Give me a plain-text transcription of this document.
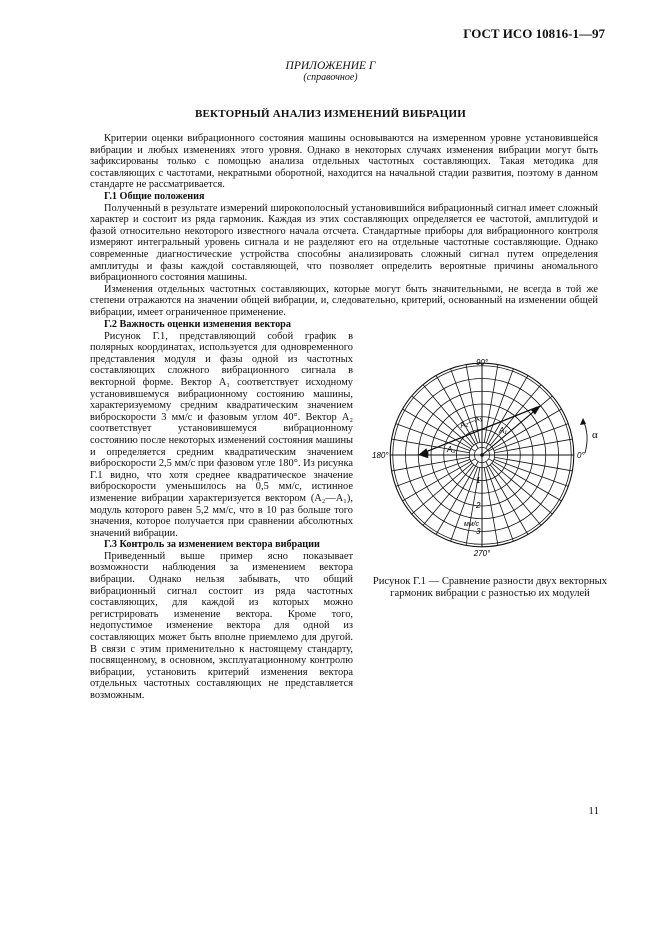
ГОСТ ИСО 10816-1—97
ПРИЛОЖЕНИЕ Г
(справочное)
ВЕКТОРНЫЙ АНАЛИЗ ИЗМЕНЕНИЙ ВИБРАЦИИ

Критерии оценки вибрационного состояния машины основываются на измеренном уровне установившейся вибрации и любых изменениях этого уровня. Однако в некоторых случаях изменения вибрации могут быть зафиксированы только с помощью анализа отдельных частотных составляющих. Такая методика для составляющих с частотами, некратными оборотной, находится на начальной стадии развития, поэтому в данном стандарте не рассматривается.

Г.1 Общие положения

Полученный в результате измерений широкополосный установившийся вибрационный сигнал имеет сложный характер и состоит из ряда гармоник. Каждая из этих составляющих определяется ее частотой, амплитудой и фазой относительно некоторого известного начала отсчета. Стандартные приборы для вибрационного контроля измеряют интегральный уровень сигнала и не разделяют его на отдельные частотные составляющие. Однако современные диагностические устройства способны анализировать сложный сигнал путем определения амплитуды и фазы каждой составляющей, что позволяет определить вероятные причины аномального вибрационного состояния машины.

Изменения отдельных частотных составляющих, которые могут быть значительными, не всегда в той же степени отражаются на значении общей вибрации, и, следовательно, критерий, основанный на изменении общей вибрации, имеет ограниченное применение.

Г.2 Важность оценки изменения вектора

Рисунок Г.1, представляющий собой график в полярных координатах, используется для одновременного представления модуля и фазы одной из частотных составляющих сложного вибрационного сигнала в векторной форме. Вектор A₁ соответствует исходному установившемуся вибрационному состоянию машины, характеризуемому средним квадратическим значением виброскорости 3 мм/с и фазовым углом 40°. Вектор A₂ соответствует установившемуся вибрационному состоянию после некоторых изменений состояния машины и определяется средним квадратическим значением виброскорости 2,5 мм/с при фазовом угле 180°. Из рисунка Г.1 видно, что хотя среднее квадратическое значение виброскорости уменьшилось на 0,5 мм/с, истинное изменение вибрации характеризуется вектором (A₂—A₁), модуль которого равен 5,2 мм/с, что в 10 раз больше того значения, которое получается при сравнении абсолютных значений вибрации.

Г.3 Контроль за изменением вектора вибрации

Приведенный выше пример ясно показывает возможности наблюдения за изменением вектора вибрации. Однако нельзя забывать, что общий вибрационный сигнал состоит из ряда частотных составляющих, для каждой из которых можно регистрировать изменение вектора. Кроме того, недопустимое изменение вектора для одной из составляющих может быть вполне приемлемо для другой. В связи с этим применительно к настоящему стандарту, посвященному, в основном, эксплуатационному контролю вибрации, установить критерий изменения вектора отдельных частотных составляющих не представляется возможным.

90°
180°	0°
270°
1
2
3
мм/с
α
A₂
A₁
A₂—A₁
Рисунок Г.1 — Сравнение разности двух векторных гармоник вибрации с разностью их модулей
11
